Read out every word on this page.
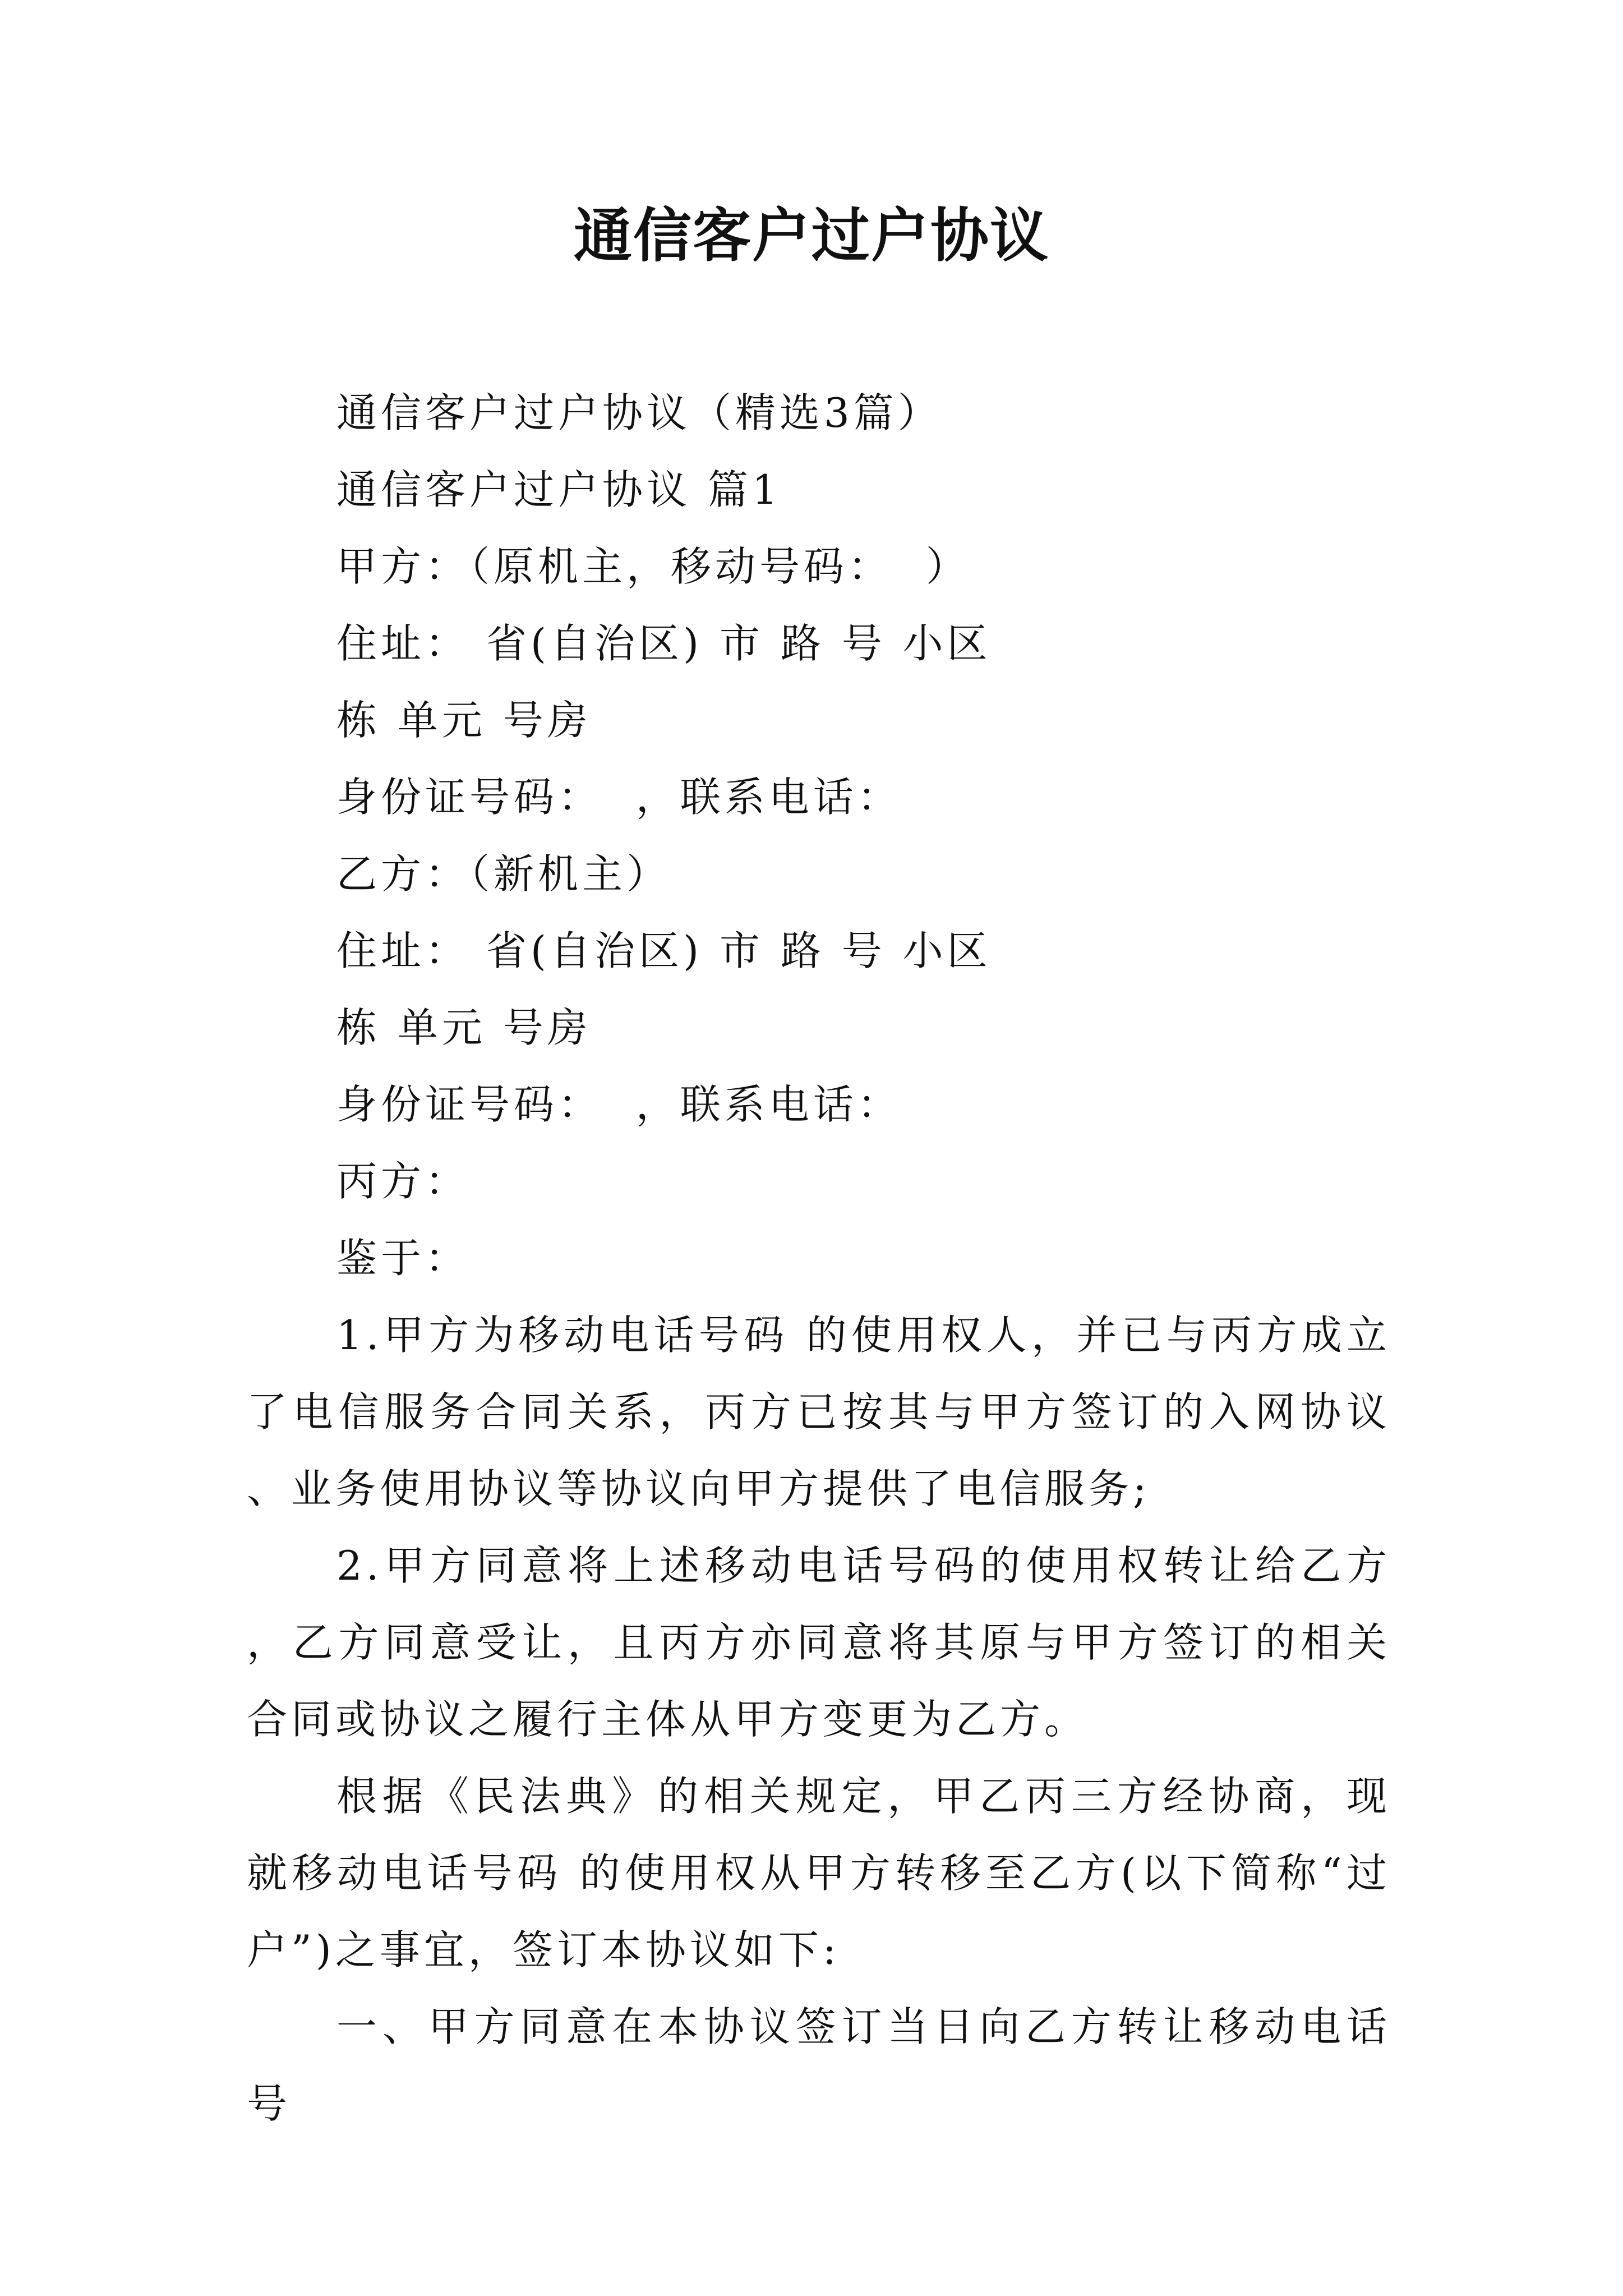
通信客户过户协议
通信客户过户协议（精选3篇）
通信客户过户协议 篇1
甲方：（原机主，移动号码：  ）
住址： 省(自治区) 市 路 号 小区
栋 单元 号房
身份证号码：  ，联系电话：
乙方：（新机主）
住址： 省(自治区) 市 路 号 小区
栋 单元 号房
身份证号码：  ，联系电话：
丙方：
鉴于：
1.甲方为移动电话号码 的使用权人，并已与丙方成立了电信服务合同关系，丙方已按其与甲方签订的入网协议、业务使用协议等协议向甲方提供了电信服务;
2.甲方同意将上述移动电话号码的使用权转让给乙方，乙方同意受让，且丙方亦同意将其原与甲方签订的相关合同或协议之履行主体从甲方变更为乙方。
根据《民法典》的相关规定，甲乙丙三方经协商，现就移动电话号码 的使用权从甲方转移至乙方(以下简称“过户”)之事宜，签订本协议如下:
一、甲方同意在本协议签订当日向乙方转让移动电话号
